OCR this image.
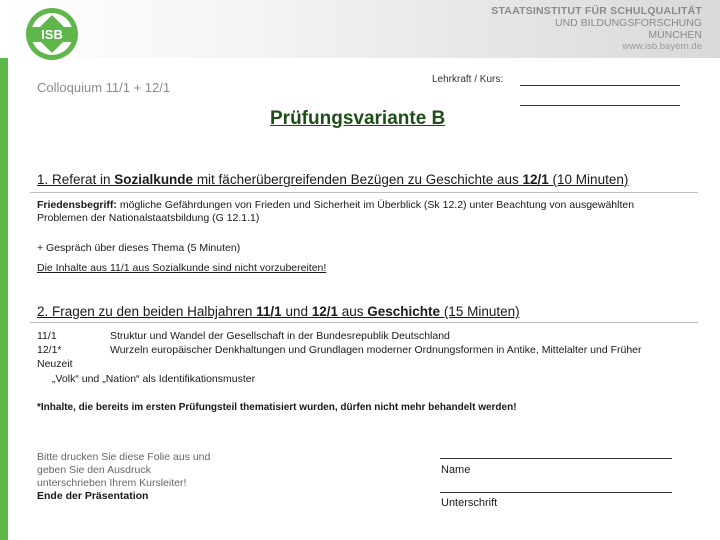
ISB
STAATSINSTITUT FÜR SCHULQUALITÄT
UND BILDUNGSFORSCHUNG
MÜNCHEN
www.isb.bayern.de
Colloquium 11/1 + 12/1
Lehrkraft / Kurs:
Prüfungsvariante B
1. Referat in Sozialkunde mit fächerübergreifenden Bezügen zu Geschichte aus 12/1 (10 Minuten)
Friedensbegriff: mögliche Gefährdungen von Frieden und Sicherheit im Überblick (Sk 12.2) unter Beachtung von ausgewählten Problemen der Nationalstaatsbildung (G 12.1.1)
+ Gespräch über dieses Thema (5 Minuten)
Die Inhalte aus 11/1 aus Sozialkunde sind nicht vorzubereiten!
2. Fragen zu den beiden Halbjahren 11/1 und 12/1 aus Geschichte (15 Minuten)
11/1	Struktur und Wandel der Gesellschaft in der Bundesrepublik Deutschland
12/1*	Wurzeln europäischer Denkhaltungen und Grundlagen moderner Ordnungsformen in Antike, Mittelalter und Früher
Neuzeit
„Volk“ und „Nation“ als Identifikationsmuster
*Inhalte, die bereits im ersten Prüfungsteil thematisiert wurden, dürfen nicht mehr behandelt werden!
Bitte drucken Sie diese Folie aus und
geben Sie den Ausdruck
unterschrieben Ihrem Kursleiter!
Ende der Präsentation
Name
Unterschrift
